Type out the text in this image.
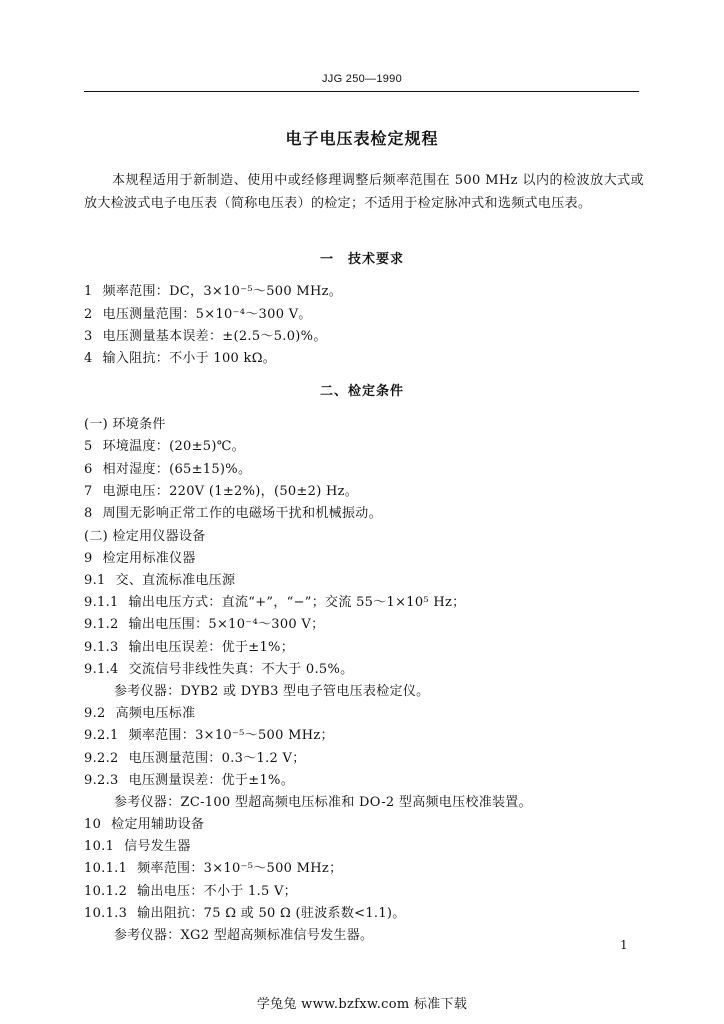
JJG 250—1990
电子电压表检定规程
本规程适用于新制造、使用中或经修理调整后频率范围在 500 MHz 以内的检波放大式或放大检波式电子电压表（简称电压表）的检定；不适用于检定脉冲式和选频式电压表。
一　技术要求
二、检定条件
1 频率范围：DC，3×10⁻⁵～500 MHz。
2 电压测量范围：5×10⁻⁴～300 V。
3 电压测量基本误差：±(2.5～5.0)%。
4 输入阻抗：不小于 100 kΩ。
(一) 环境条件
5 环境温度：(20±5)℃。
6 相对湿度：(65±15)%。
7 电源电压：220V (1±2%)，(50±2) Hz。
8 周围无影响正常工作的电磁场干扰和机械振动。
(二) 检定用仪器设备
9 检定用标准仪器
9.1 交、直流标准电压源
9.1.1 输出电压方式：直流“+”，“−”；交流 55～1×10⁵ Hz；
9.1.2 输出电压围：5×10⁻⁴～300 V；
9.1.3 输出电压误差：优于±1%；
9.1.4 交流信号非线性失真：不大于 0.5%。
参考仪器：DYB2 或 DYB3 型电子管电压表检定仪。
9.2 高频电压标准
9.2.1 频率范围：3×10⁻⁵～500 MHz；
9.2.2 电压测量范围：0.3～1.2 V；
9.2.3 电压测量误差：优于±1%。
参考仪器：ZC-100 型超高频电压标准和 DO-2 型高频电压校准装置。
10 检定用辅助设备
10.1 信号发生器
10.1.1 频率范围：3×10⁻⁵～500 MHz；
10.1.2 输出电压：不小于 1.5 V；
10.1.3 输出阻抗：75 Ω 或 50 Ω (驻波系数<1.1)。
参考仪器：XG2 型超高频标准信号发生器。
1
学兔兔 www.bzfxw.com 标准下载
